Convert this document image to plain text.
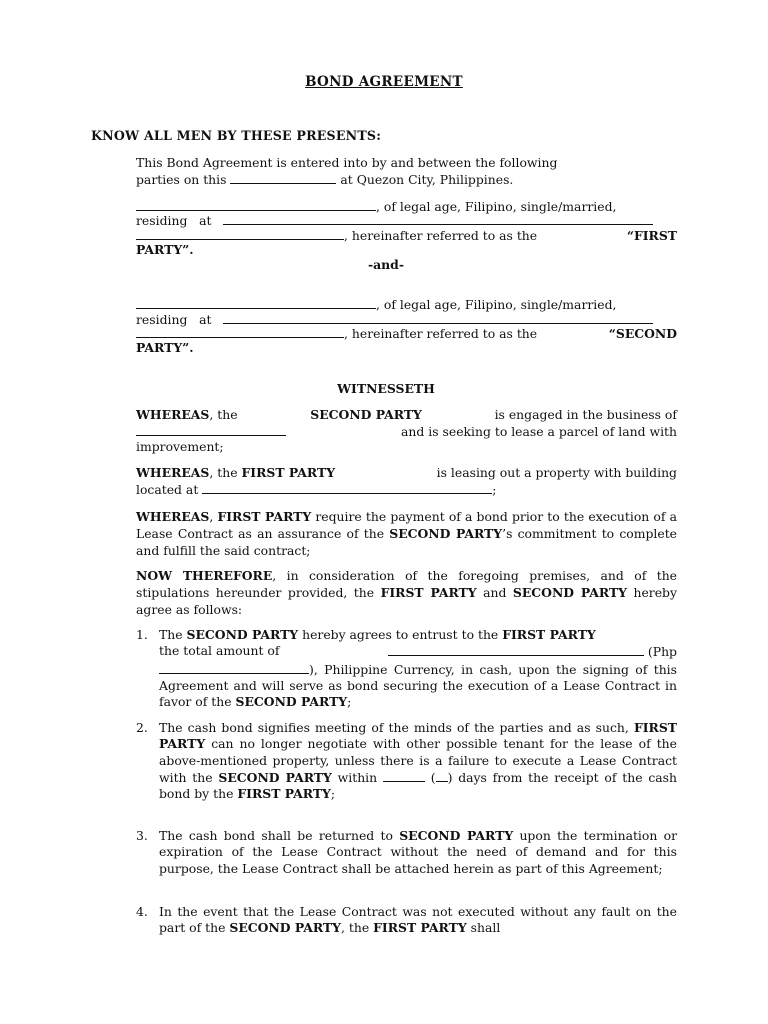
BOND AGREEMENT
KNOW ALL MEN BY THESE PRESENTS:
This Bond Agreement is entered into by and between the following
parties on this	at Quezon City, Philippines.
, of legal age, Filipino, single/married,
residing at
, hereinafter referred to as the	“FIRST
PARTY”.
-and-
, of legal age, Filipino, single/married,
residing at
, hereinafter referred to as the	“SECOND
PARTY”.
WITNESSETH
WHEREAS, the	SECOND PARTY	is engaged in the business of
and is seeking to lease a parcel of land with
improvement;
WHEREAS, the FIRST PARTY	is leasing out a property with building
located at	;

WHEREAS, FIRST PARTY require the payment of a bond prior to the execution of a Lease Contract as an assurance of the SECOND PARTY’s commitment to complete and fulfill the said contract;

NOW THEREFORE, in consideration of the foregoing premises, and of the stipulations hereunder provided, the FIRST PARTY and SECOND PARTY hereby agree as follows:

1. The SECOND PARTY hereby agrees to entrust to the FIRST PARTY

the total amount of	(Php

), Philippine Currency, in cash, upon the signing of this Agreement and will serve as bond securing the execution of a Lease Contract in favor of the SECOND PARTY;

2. The cash bond signifies meeting of the minds of the parties and as such, FIRST PARTY can no longer negotiate with other possible tenant for the lease of the above-mentioned property, unless there is a failure to execute a Lease Contract with the SECOND PARTY within	( ) days from the receipt of the cash bond by the FIRST PARTY;

3. The cash bond shall be returned to SECOND PARTY upon the termination or expiration of the Lease Contract without the need of demand and for this purpose, the Lease Contract shall be attached herein as part of this Agreement;

4. In the event that the Lease Contract was not executed without any fault on the part of the SECOND PARTY, the FIRST PARTY shall
